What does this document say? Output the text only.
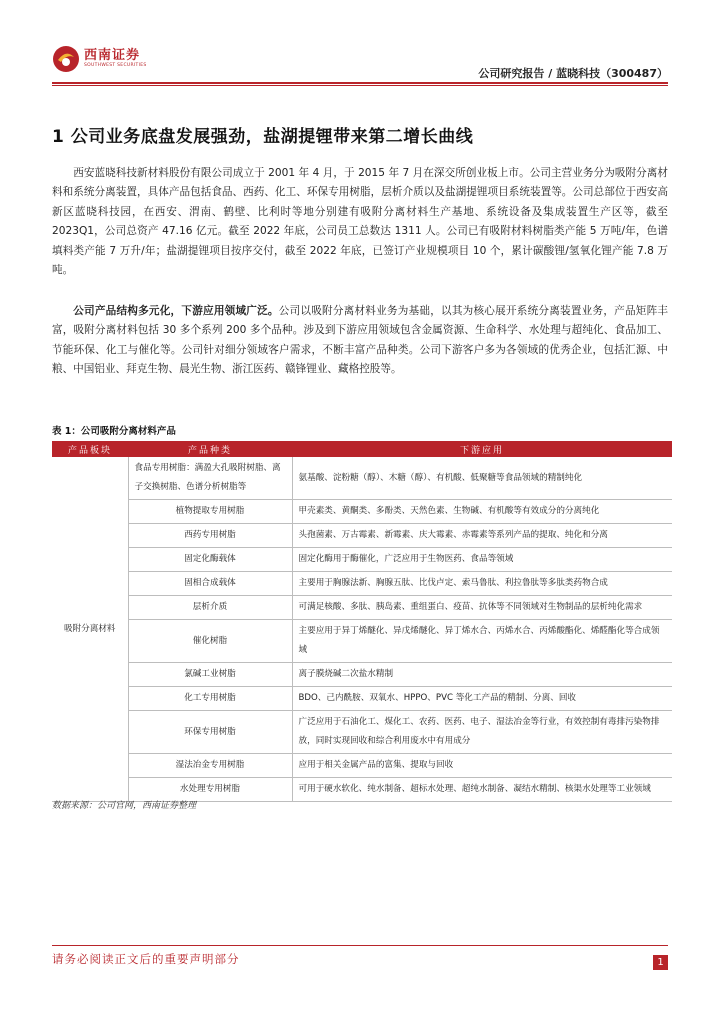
西南证券
SOUTHWEST SECURITIES
公司研究报告 / 蓝晓科技（300487）
1 公司业务底盘发展强劲，盐湖提锂带来第二增长曲线

西安蓝晓科技新材料股份有限公司成立于 2001 年 4 月，于 2015 年 7 月在深交所创业板上市。公司主营业务分为吸附分离材料和系统分离装置，具体产品包括食品、西药、化工、环保专用树脂，层析介质以及盐湖提锂项目系统装置等。公司总部位于西安高新区蓝晓科技园，在西安、渭南、鹤壁、比利时等地分别建有吸附分离材料生产基地、系统设备及集成装置生产区等，截至 2023Q1，公司总资产 47.16 亿元。截至 2022 年底，公司员工总数达 1311 人。公司已有吸附材料树脂类产能 5 万吨/年，色谱填料类产能 7 万升/年；盐湖提锂项目按序交付，截至 2022 年底，已签订产业规模项目 10 个，累计碳酸锂/氢氧化锂产能 7.8 万吨。

公司产品结构多元化，下游应用领域广泛。公司以吸附分离材料业务为基础，以其为核心展开系统分离装置业务，产品矩阵丰富，吸附分离材料包括 30 多个系列 200 多个品种。涉及到下游应用领域包含金属资源、生命科学、水处理与超纯化、食品加工、节能环保、化工与催化等。公司针对细分领域客户需求，不断丰富产品种类。公司下游客户多为各领域的优秀企业，包括汇源、中粮、中国铝业、拜克生物、晨光生物、浙江医药、赣锋锂业、藏格控股等。

表 1：公司吸附分离材料产品
产品板块	产品种类	下游应用
吸附分离材料	食品专用树脂：满盈大孔吸附树脂、离子交换树脂、色谱分析树脂等	氨基酸、淀粉糖（醇）、木糖（醇）、有机酸、低聚糖等食品领域的精制纯化
	植物提取专用树脂	甲壳素类、黄酮类、多酚类、天然色素、生物碱、有机酸等有效成分的分离纯化
	西药专用树脂	头孢菌素、万古霉素、新霉素、庆大霉素、赤霉素等系列产品的提取、纯化和分离
	固定化酶载体	固定化酶用于酶催化，广泛应用于生物医药、食品等领域
	固相合成载体	主要用于胸腺法新、胸腺五肽、比伐卢定、索马鲁肽、利拉鲁肽等多肽类药物合成
	层析介质	可满足核酸、多肽、胰岛素、重组蛋白、疫苗、抗体等不同领域对生物制品的层析纯化需求
	催化树脂	主要应用于异丁烯醚化、异戊烯醚化、异丁烯水合、丙烯水合、丙烯酸酯化、烯醛酯化等合成领域
	氯碱工业树脂	离子膜烧碱二次盐水精制
	化工专用树脂	BDO、己内酰胺、双氧水、HPPO、PVC 等化工产品的精制、分离、回收
	环保专用树脂	广泛应用于石油化工、煤化工、农药、医药、电子、湿法冶金等行业，有效控制有毒排污染物排放，同时实现回收和综合利用废水中有用成分
	湿法冶金专用树脂	应用于相关金属产品的富集、提取与回收
	水处理专用树脂	可用于硬水软化、纯水制备、超标水处理、超纯水制备、凝结水精制、核渠水处理等工业领域
数据来源：公司官网，西南证券整理
请务必阅读正文后的重要声明部分	1
